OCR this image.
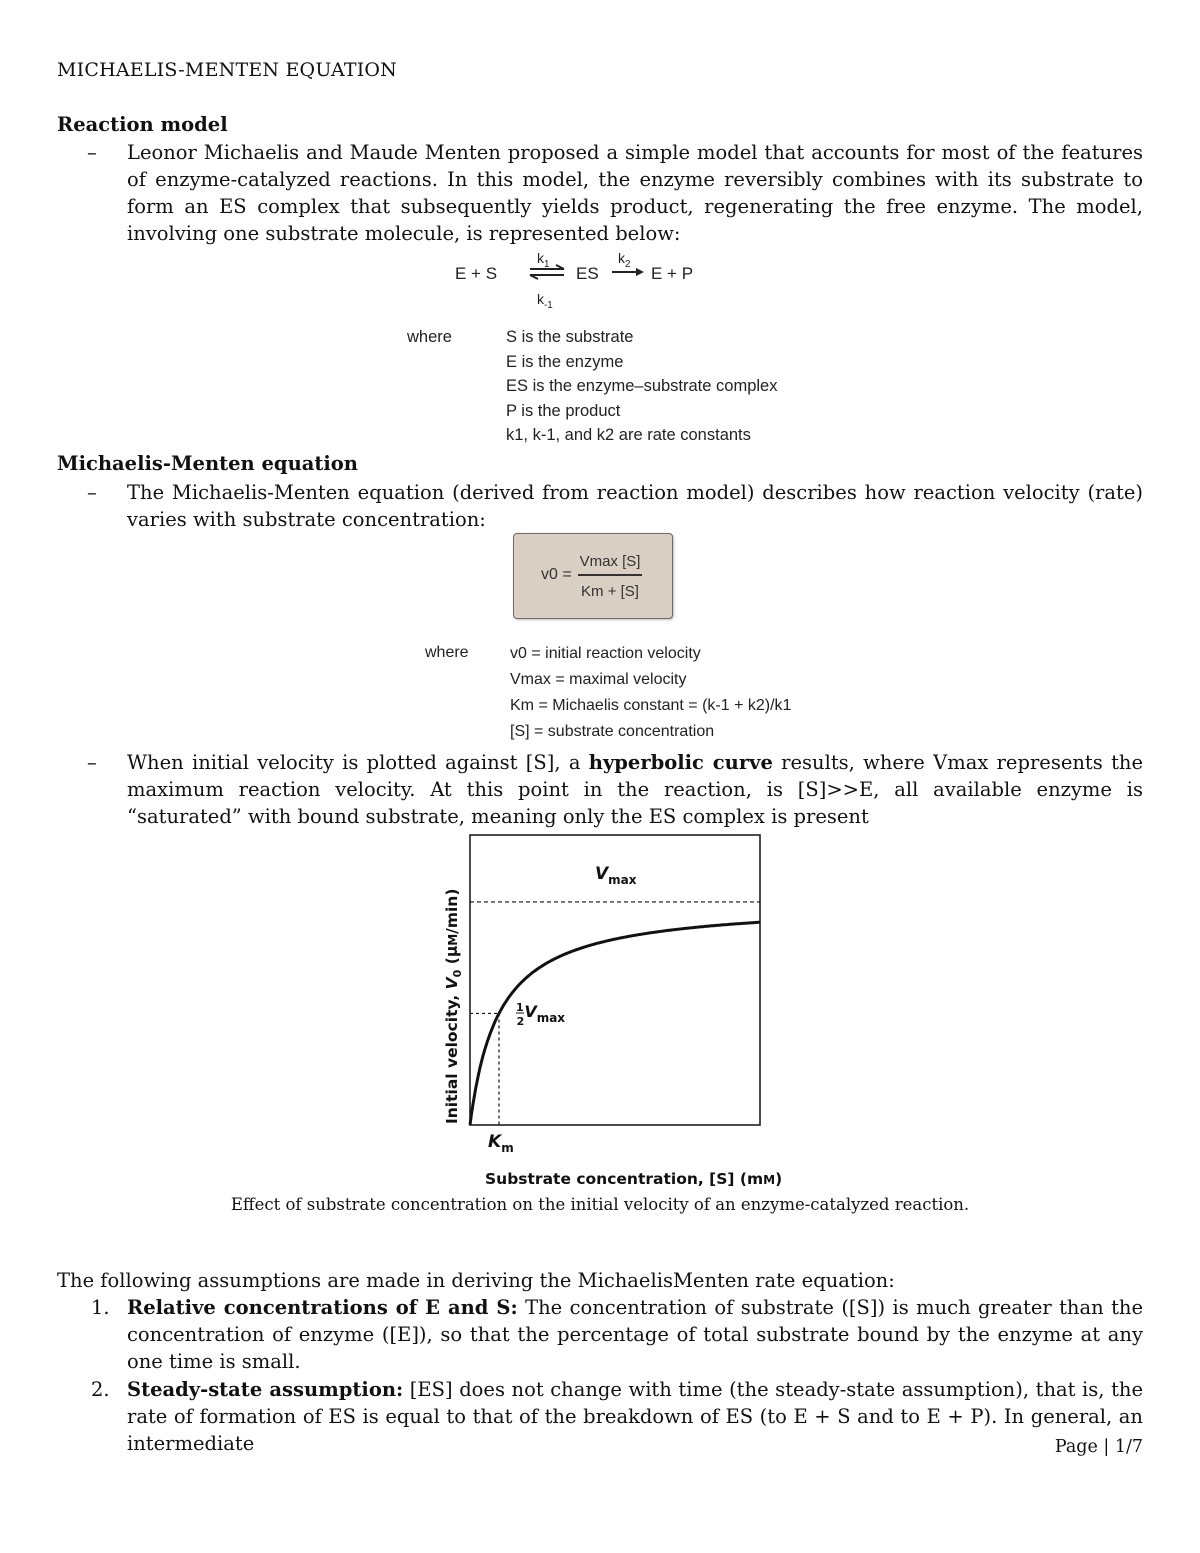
MICHAELIS-MENTEN EQUATION
Reaction model
– Leonor Michaelis and Maude Menten proposed a simple model that accounts for most of the features of enzyme-catalyzed reactions. In this model, the enzyme reversibly combines with its substrate to form an ES complex that subsequently yields product, regenerating the free enzyme. The model, involving one substrate molecule, is represented below:
E + S
$k_1$
$k_{-1}$
⇌ ES
$k_2$ E + P
where	S is the substrate
E is the enzyme
ES is the enzyme–substrate complex
P is the product
k1, k-1, and k2 are rate constants
Michaelis-Menten equation
– The Michaelis-Menten equation (derived from reaction model) describes how reaction velocity (rate) varies with substrate concentration:
v0 =
Vmax [S]
Km + [S]
where	v0 = initial reaction velocity
Vmax = maximal velocity
Km = Michaelis constant = (k-1 + k2)/k1
[S] = substrate concentration
– When initial velocity is plotted against [S], a hyperbolic curve results, where Vmax represents the maximum reaction velocity. At this point in the reaction, is [S]>>E, all available enzyme is “saturated” with bound substrate, meaning only the ES complex is present
$V_{max}$
$^1$ $2V_{max}$
$K_m$
Substrate concentration, [S] (mM)
Initial velocity, $V_0$ (μM/min)
Effect of substrate concentration on the initial velocity of an enzyme-catalyzed reaction.
The following assumptions are made in deriving the MichaelisMenten rate equation:
1. Relative concentrations of E and S: The concentration of substrate ([S]) is much greater than the concentration of enzyme ([E]), so that the percentage of total substrate bound by the enzyme at any one time is small.
2. Steady-state assumption: [ES] does not change with time (the steady-state assumption), that is, the rate of formation of ES is equal to that of the breakdown of ES (to E + S and to E + P). In general, an intermediate	Page | 1/7
